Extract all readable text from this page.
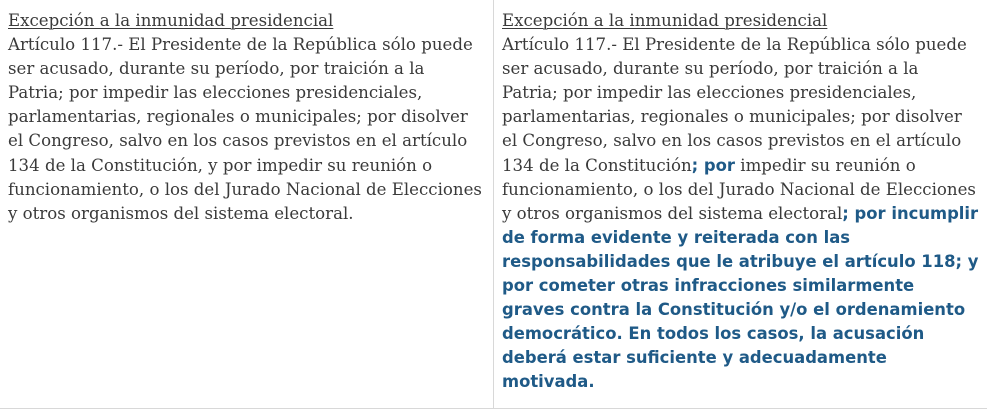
Excepción a la inmunidad presidencial
Artículo 117.- El Presidente de la República sólo puede ser acusado, durante su período, por traición a la Patria; por impedir las elecciones presidenciales, parlamentarias, regionales o municipales; por disolver el Congreso, salvo en los casos previstos en el artículo 134 de la Constitución, y por impedir su reunión o funcionamiento, o los del Jurado Nacional de Elecciones y otros organismos del sistema electoral.
Excepción a la inmunidad presidencial
Artículo 117.- El Presidente de la República sólo puede ser acusado, durante su período, por traición a la Patria; por impedir las elecciones presidenciales, parlamentarias, regionales o municipales; por disolver el Congreso, salvo en los casos previstos en el artículo 134 de la Constitución; por impedir su reunión o funcionamiento, o los del Jurado Nacional de Elecciones y otros organismos del sistema electoral; por incumplir de forma evidente y reiterada con las responsabilidades que le atribuye el artículo 118; y por cometer otras infracciones similarmente graves contra la Constitución y/o el ordenamiento democrático. En todos los casos, la acusación deberá estar suficiente y adecuadamente motivada.
